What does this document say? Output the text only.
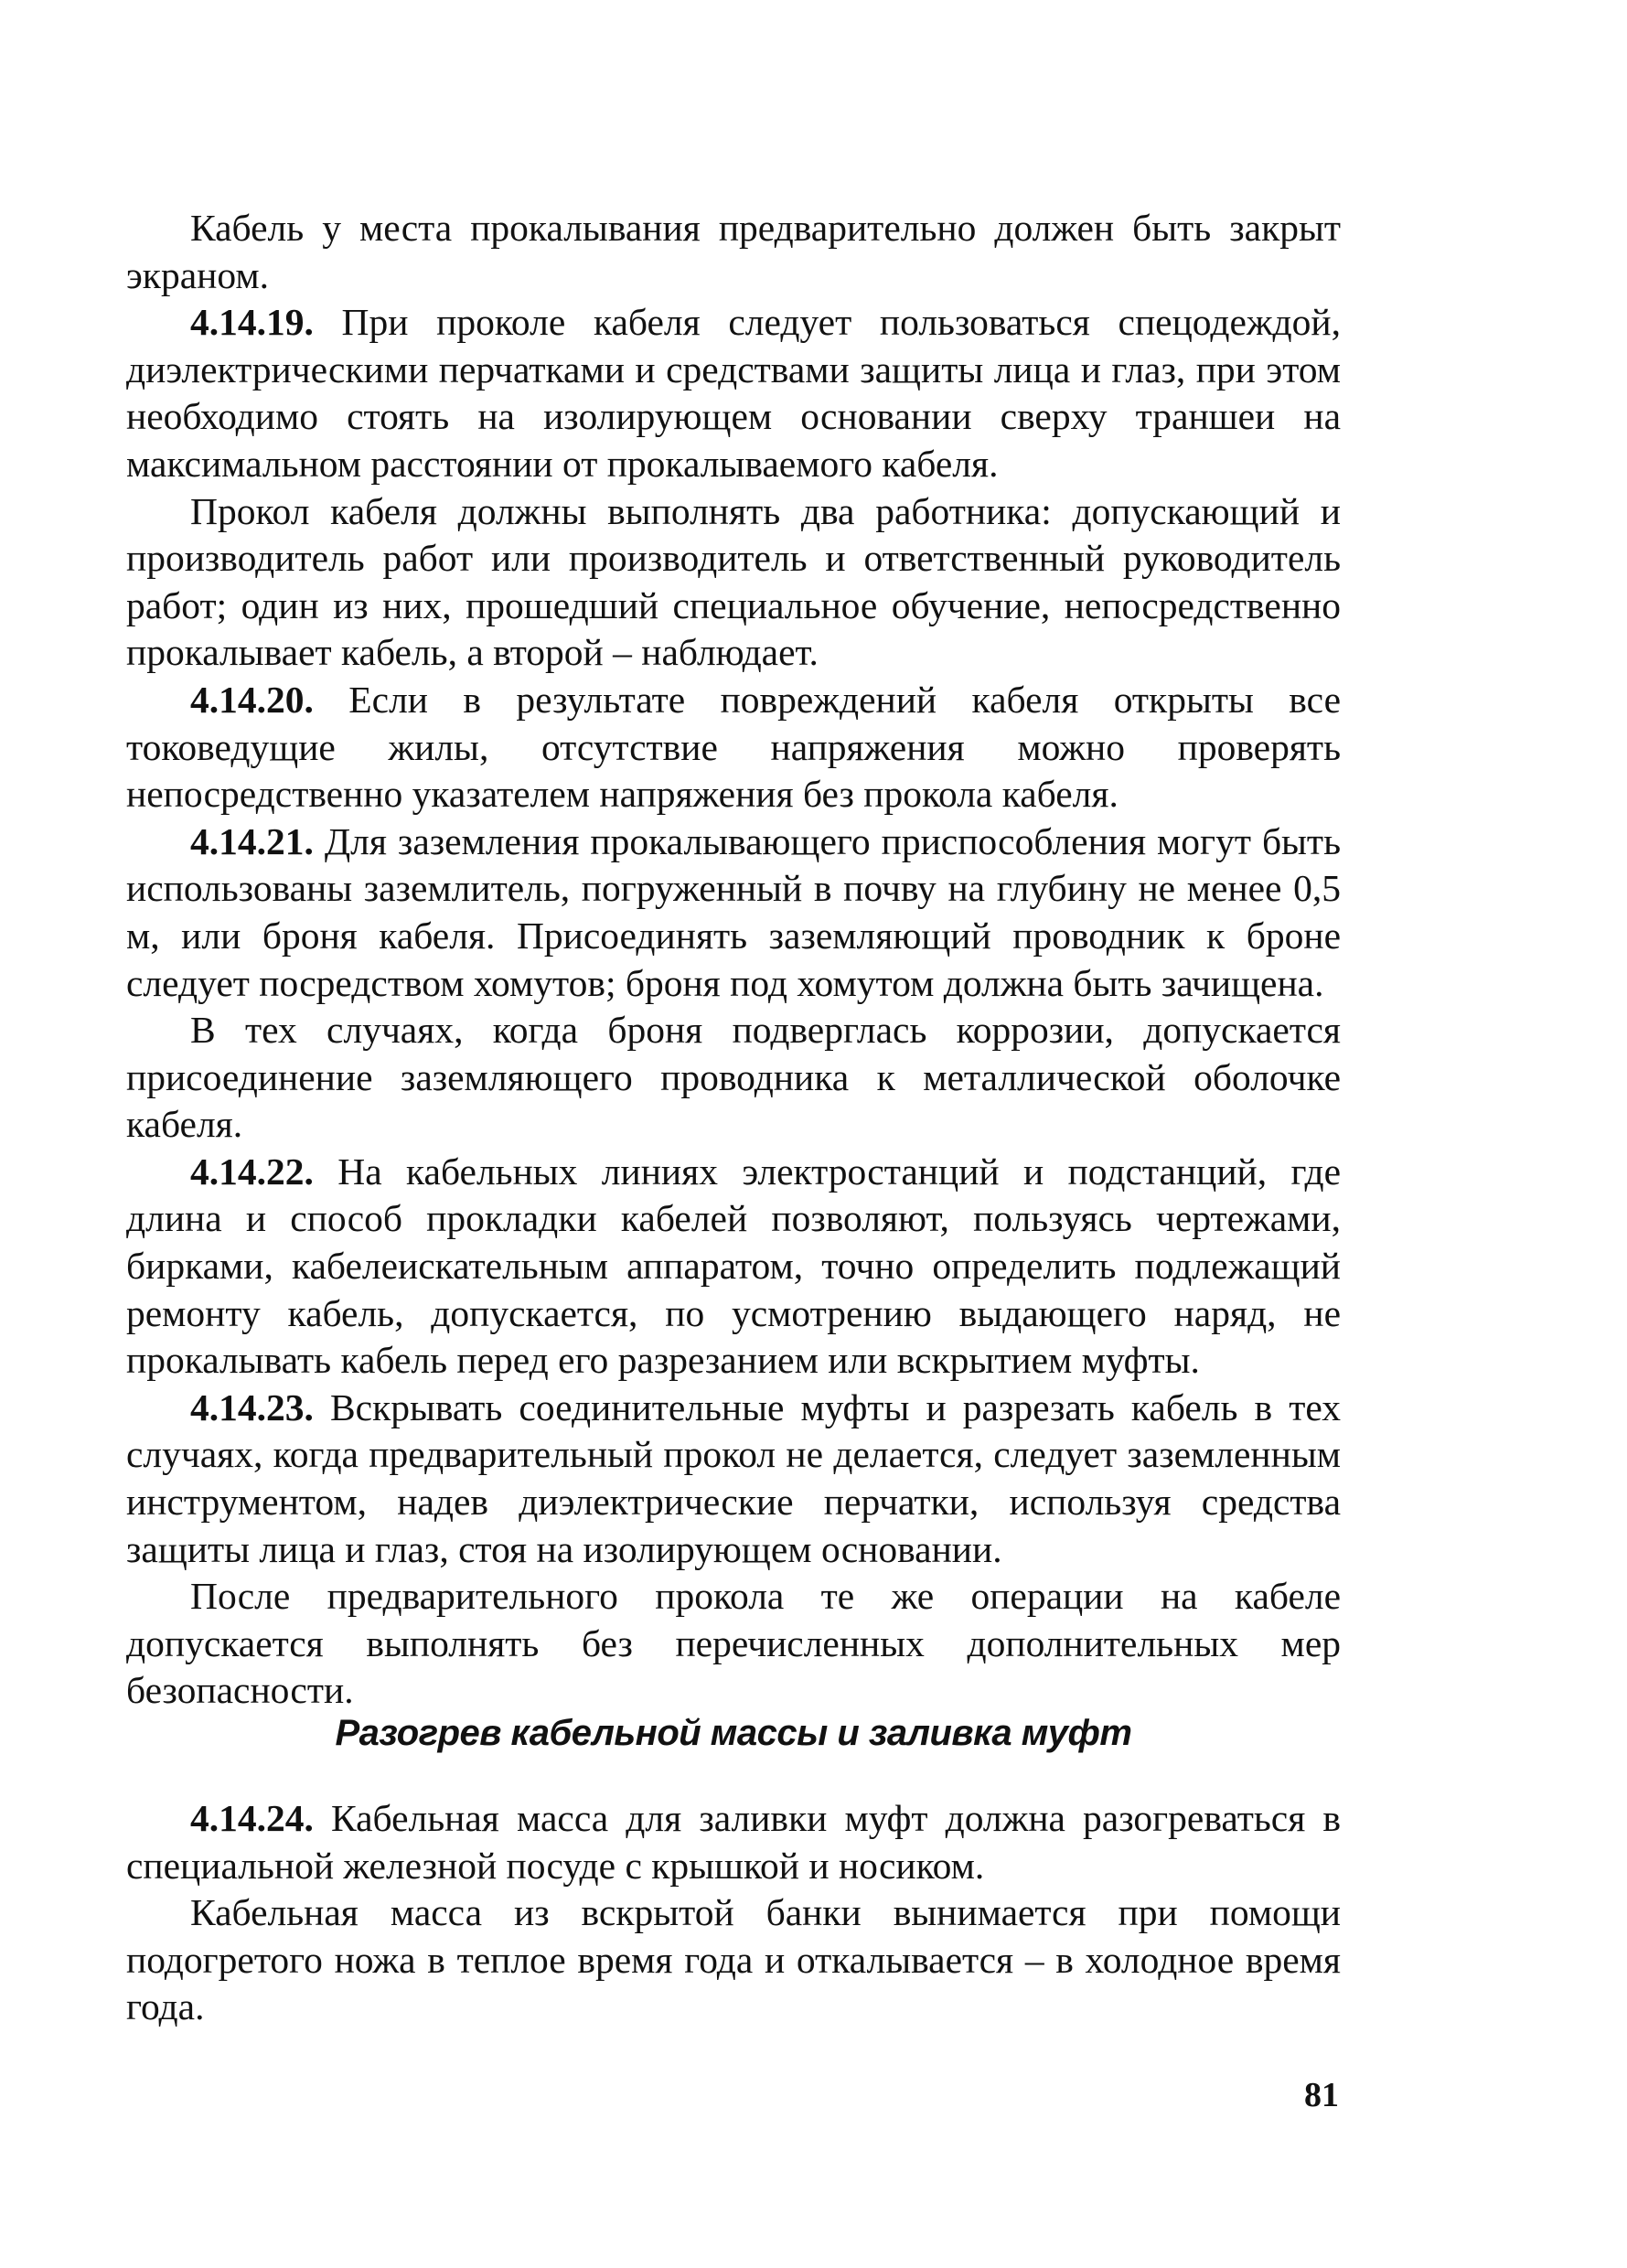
Кабель у места прокалывания предварительно должен быть закрыт экраном.

4.14.19. При проколе кабеля следует пользоваться спецодеждой, диэлектрическими перчатками и средствами защиты лица и глаз, при этом необходимо стоять на изолирующем основании сверху траншеи на максимальном расстоянии от прокалываемого кабеля.

Прокол кабеля должны выполнять два работника: допускающий и производитель работ или производитель и ответственный руководитель работ; один из них, прошедший специальное обучение, непосредственно прокалывает кабель, а второй – наблюдает.

4.14.20. Если в результате повреждений кабеля открыты все токоведущие жилы, отсутствие напряжения можно проверять непосредственно указателем напряжения без прокола кабеля.

4.14.21. Для заземления прокалывающего приспособления могут быть использованы заземлитель, погруженный в почву на глубину не менее 0,5 м, или броня кабеля. Присоединять заземляющий проводник к броне следует посредством хомутов; броня под хомутом должна быть зачищена.

В тех случаях, когда броня подверглась коррозии, допускается присоединение заземляющего проводника к металлической оболочке кабеля.

4.14.22. На кабельных линиях электростанций и подстанций, где длина и способ прокладки кабелей позволяют, пользуясь чертежами, бирками, кабелеискательным аппаратом, точно определить подлежащий ремонту кабель, допускается, по усмотрению выдающего наряд, не прокалывать кабель перед его разрезанием или вскрытием муфты.

4.14.23. Вскрывать соединительные муфты и разрезать кабель в тех случаях, когда предварительный прокол не делается, следует заземленным инструментом, надев диэлектрические перчатки, используя средства защиты лица и глаз, стоя на изолирующем основании.

После предварительного прокола те же операции на кабеле допускается выполнять без перечисленных дополнительных мер безопасности.

Разогрев кабельной массы и заливка муфт

4.14.24. Кабельная масса для заливки муфт должна разогреваться в специальной железной посуде с крышкой и носиком.

Кабельная масса из вскрытой банки вынимается при помощи подогретого ножа в теплое время года и откалывается – в холодное время года.

81
